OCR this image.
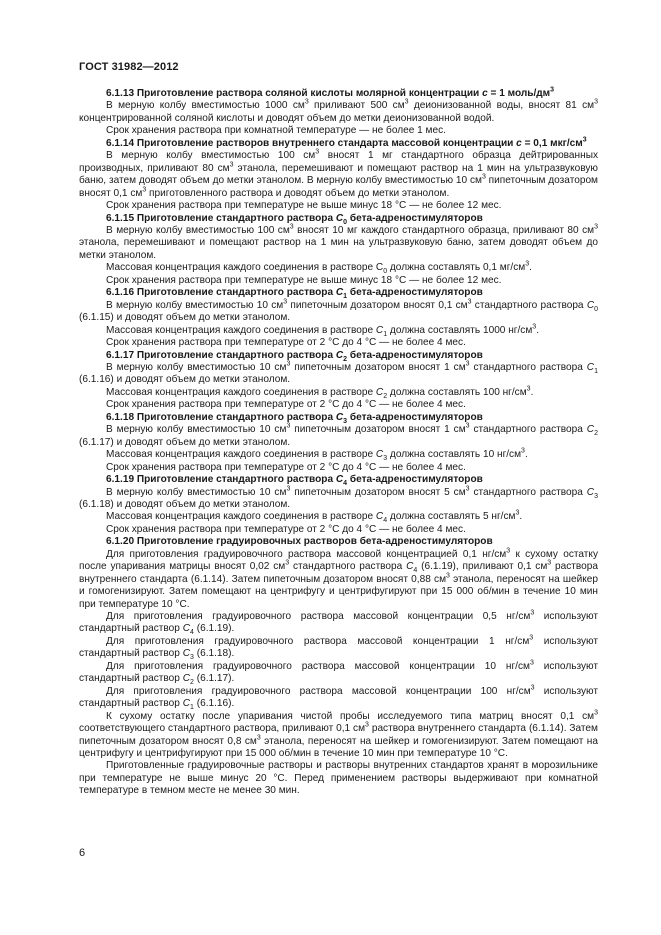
ГОСТ 31982—2012

6.1.13 Приготовление раствора соляной кислоты молярной концентрации c = 1 моль/$дм^3$

В мерную колбу вместимостью 1000 $см^3$ приливают 500 $см^3$ деионизованной воды, вносят 81 $см^3$ концентрированной соляной кислоты и доводят объем до метки деионизованной водой.

Срок хранения раствора при комнатной температуре — не более 1 мес.

6.1.14 Приготовление растворов внутреннего стандарта массовой концентрации c = 0,1 мкг/$см^3$

В мерную колбу вместимостью 100 $см^3$ вносят 1 мг стандартного образца дейтрированных производных, приливают 80 $см^3$ этанола, перемешивают и помещают раствор на 1 мин на ультразвуковую баню, затем доводят объем до метки этанолом. В мерную колбу вместимостью 10 $см^3$ пипеточным дозатором вносят 0,1 $см^3$ приготовленного раствора и доводят объем до метки этанолом.

Срок хранения раствора при температуре не выше минус 18 °С — не более 12 мес.

6.1.15 Приготовление стандартного раствора $C_0$ бета-адреностимуляторов

В мерную колбу вместимостью 100 $см^3$ вносят 10 мг каждого стандартного образца, приливают 80 $см^3$ этанола, перемешивают и помещают раствор на 1 мин на ультразвуковую баню, затем доводят объем до метки этанолом.

Массовая концентрация каждого соединения в растворе $С_0$ должна составлять 0,1 $мг/см^3$.

Срок хранения раствора при температуре не выше минус 18 °С — не более 12 мес.

6.1.16 Приготовление стандартного раствора $C_1$ бета-адреностимуляторов

В мерную колбу вместимостью 10 $см^3$ пипеточным дозатором вносят 0,1 $см^3$ стандартного раствора $C_0$ (6.1.15) и доводят объем до метки этанолом.

Массовая концентрация каждого соединения в растворе $C_1$ должна составлять 1000 $нг/см^3$.

Срок хранения раствора при температуре от 2 °С до 4 °С — не более 4 мес.

6.1.17 Приготовление стандартного раствора $C_2$ бета-адреностимуляторов

В мерную колбу вместимостью 10 $см^3$ пипеточным дозатором вносят 1 $см^3$ стандартного раствора $C_1$ (6.1.16) и доводят объем до метки этанолом.

Массовая концентрация каждого соединения в растворе $C_2$ должна составлять 100 $нг/см^3$.

Срок хранения раствора при температуре от 2 °С до 4 °С — не более 4 мес.

6.1.18 Приготовление стандартного раствора $C_3$ бета-адреностимуляторов

В мерную колбу вместимостью 10 $см^3$ пипеточным дозатором вносят 1 $см^3$ стандартного раствора $C_2$ (6.1.17) и доводят объем до метки этанолом.

Массовая концентрация каждого соединения в растворе $C_3$ должна составлять 10 $нг/см^3$.

Срок хранения раствора при температуре от 2 °С до 4 °С — не более 4 мес.

6.1.19 Приготовление стандартного раствора $C_4$ бета-адреностимуляторов

В мерную колбу вместимостью 10 $см^3$ пипеточным дозатором вносят 5 $см^3$ стандартного раствора $C_3$ (6.1.18) и доводят объем до метки этанолом.

Массовая концентрация каждого соединения в растворе $C_4$ должна составлять 5 $нг/см^3$.

Срок хранения раствора при температуре от 2 °С до 4 °С — не более 4 мес.

6.1.20 Приготовление градуировочных растворов бета-адреностимуляторов

Для приготовления градуировочного раствора массовой концентрацией 0,1 $нг/см^3$ к сухому остатку после упаривания матрицы вносят 0,02 $см^3$ стандартного раствора $C_4$ (6.1.19), приливают 0,1 $см^3$ раствора внутреннего стандарта (6.1.14). Затем пипеточным дозатором вносят 0,88 $см^3$ этанола, переносят на шейкер и гомогенизируют. Затем помещают на центрифугу и центрифугируют при 15 000 об/мин в течение 10 мин при температуре 10 °С.

Для приготовления градуировочного раствора массовой концентрации 0,5 $нг/см^3$ используют стандартный раствор $C_4$ (6.1.19).

Для приготовления градуировочного раствора массовой концентрации 1 $нг/см^3$ используют стандартный раствор $C_3$ (6.1.18).

Для приготовления градуировочного раствора массовой концентрации 10 $нг/см^3$ используют стандартный раствор $C_2$ (6.1.17).

Для приготовления градуировочного раствора массовой концентрации 100 $нг/см^3$ используют стандартный раствор $C_1$ (6.1.16).

К сухому остатку после упаривания чистой пробы исследуемого типа матриц вносят 0,1 $см^3$ соответствующего стандартного раствора, приливают 0,1 $см^3$ раствора внутреннего стандарта (6.1.14). Затем пипеточным дозатором вносят 0,8 $см^3$ этанола, переносят на шейкер и гомогенизируют. Затем помещают на центрифугу и центрифугируют при 15 000 об/мин в течение 10 мин при температуре 10 °С.

Приготовленные градуировочные растворы и растворы внутренних стандартов хранят в морозильнике при температуре не выше минус 20 °С. Перед применением растворы выдерживают при комнатной температуре в темном месте не менее 30 мин.

6
